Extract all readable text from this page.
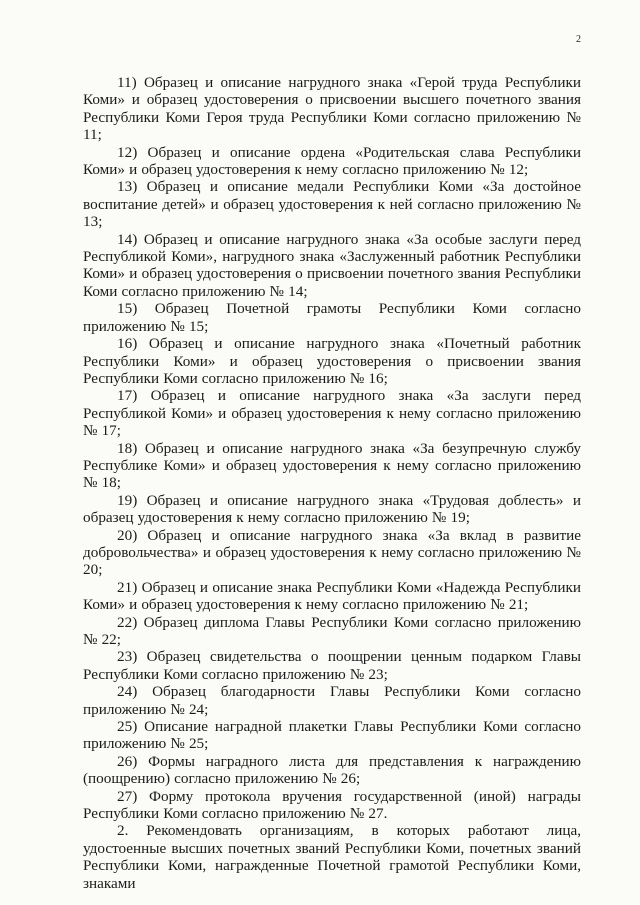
2

11) Образец и описание нагрудного знака «Герой труда Республики Коми» и образец удостоверения о присвоении высшего почетного звания Республики Коми Героя труда Республики Коми согласно приложению № 11;

12) Образец и описание ордена «Родительская слава Республики Коми» и образец удостоверения к нему согласно приложению № 12;

13) Образец и описание медали Республики Коми «За достойное воспитание детей» и образец удостоверения к ней согласно приложению № 13;

14) Образец и описание нагрудного знака «За особые заслуги перед Республикой Коми», нагрудного знака «Заслуженный работник Республики Коми» и образец удостоверения о присвоении почетного звания Республики Коми согласно приложению № 14;

15) Образец Почетной грамоты Республики Коми согласно приложению № 15;

16) Образец и описание нагрудного знака «Почетный работник Республики Коми» и образец удостоверения о присвоении звания Республики Коми согласно приложению № 16;

17) Образец и описание нагрудного знака «За заслуги перед Республикой Коми» и образец удостоверения к нему согласно приложению № 17;

18) Образец и описание нагрудного знака «За безупречную службу Республике Коми» и образец удостоверения к нему согласно приложению № 18;

19) Образец и описание нагрудного знака «Трудовая доблесть» и образец удостоверения к нему согласно приложению № 19;

20) Образец и описание нагрудного знака «За вклад в развитие добровольчества» и образец удостоверения к нему согласно приложению № 20;

21) Образец и описание знака Республики Коми «Надежда Республики Коми» и образец удостоверения к нему согласно приложению № 21;

22) Образец диплома Главы Республики Коми согласно приложению № 22;

23) Образец свидетельства о поощрении ценным подарком Главы Республики Коми согласно приложению № 23;

24) Образец благодарности Главы Республики Коми согласно приложению № 24;

25) Описание наградной плакетки Главы Республики Коми согласно приложению № 25;

26) Формы наградного листа для представления к награждению (поощрению) согласно приложению № 26;

27) Форму протокола вручения государственной (иной) награды Республики Коми согласно приложению № 27.

2. Рекомендовать организациям, в которых работают лица, удостоенные высших почетных званий Республики Коми, почетных званий Республики Коми, награжденные Почетной грамотой Республики Коми, знаками
